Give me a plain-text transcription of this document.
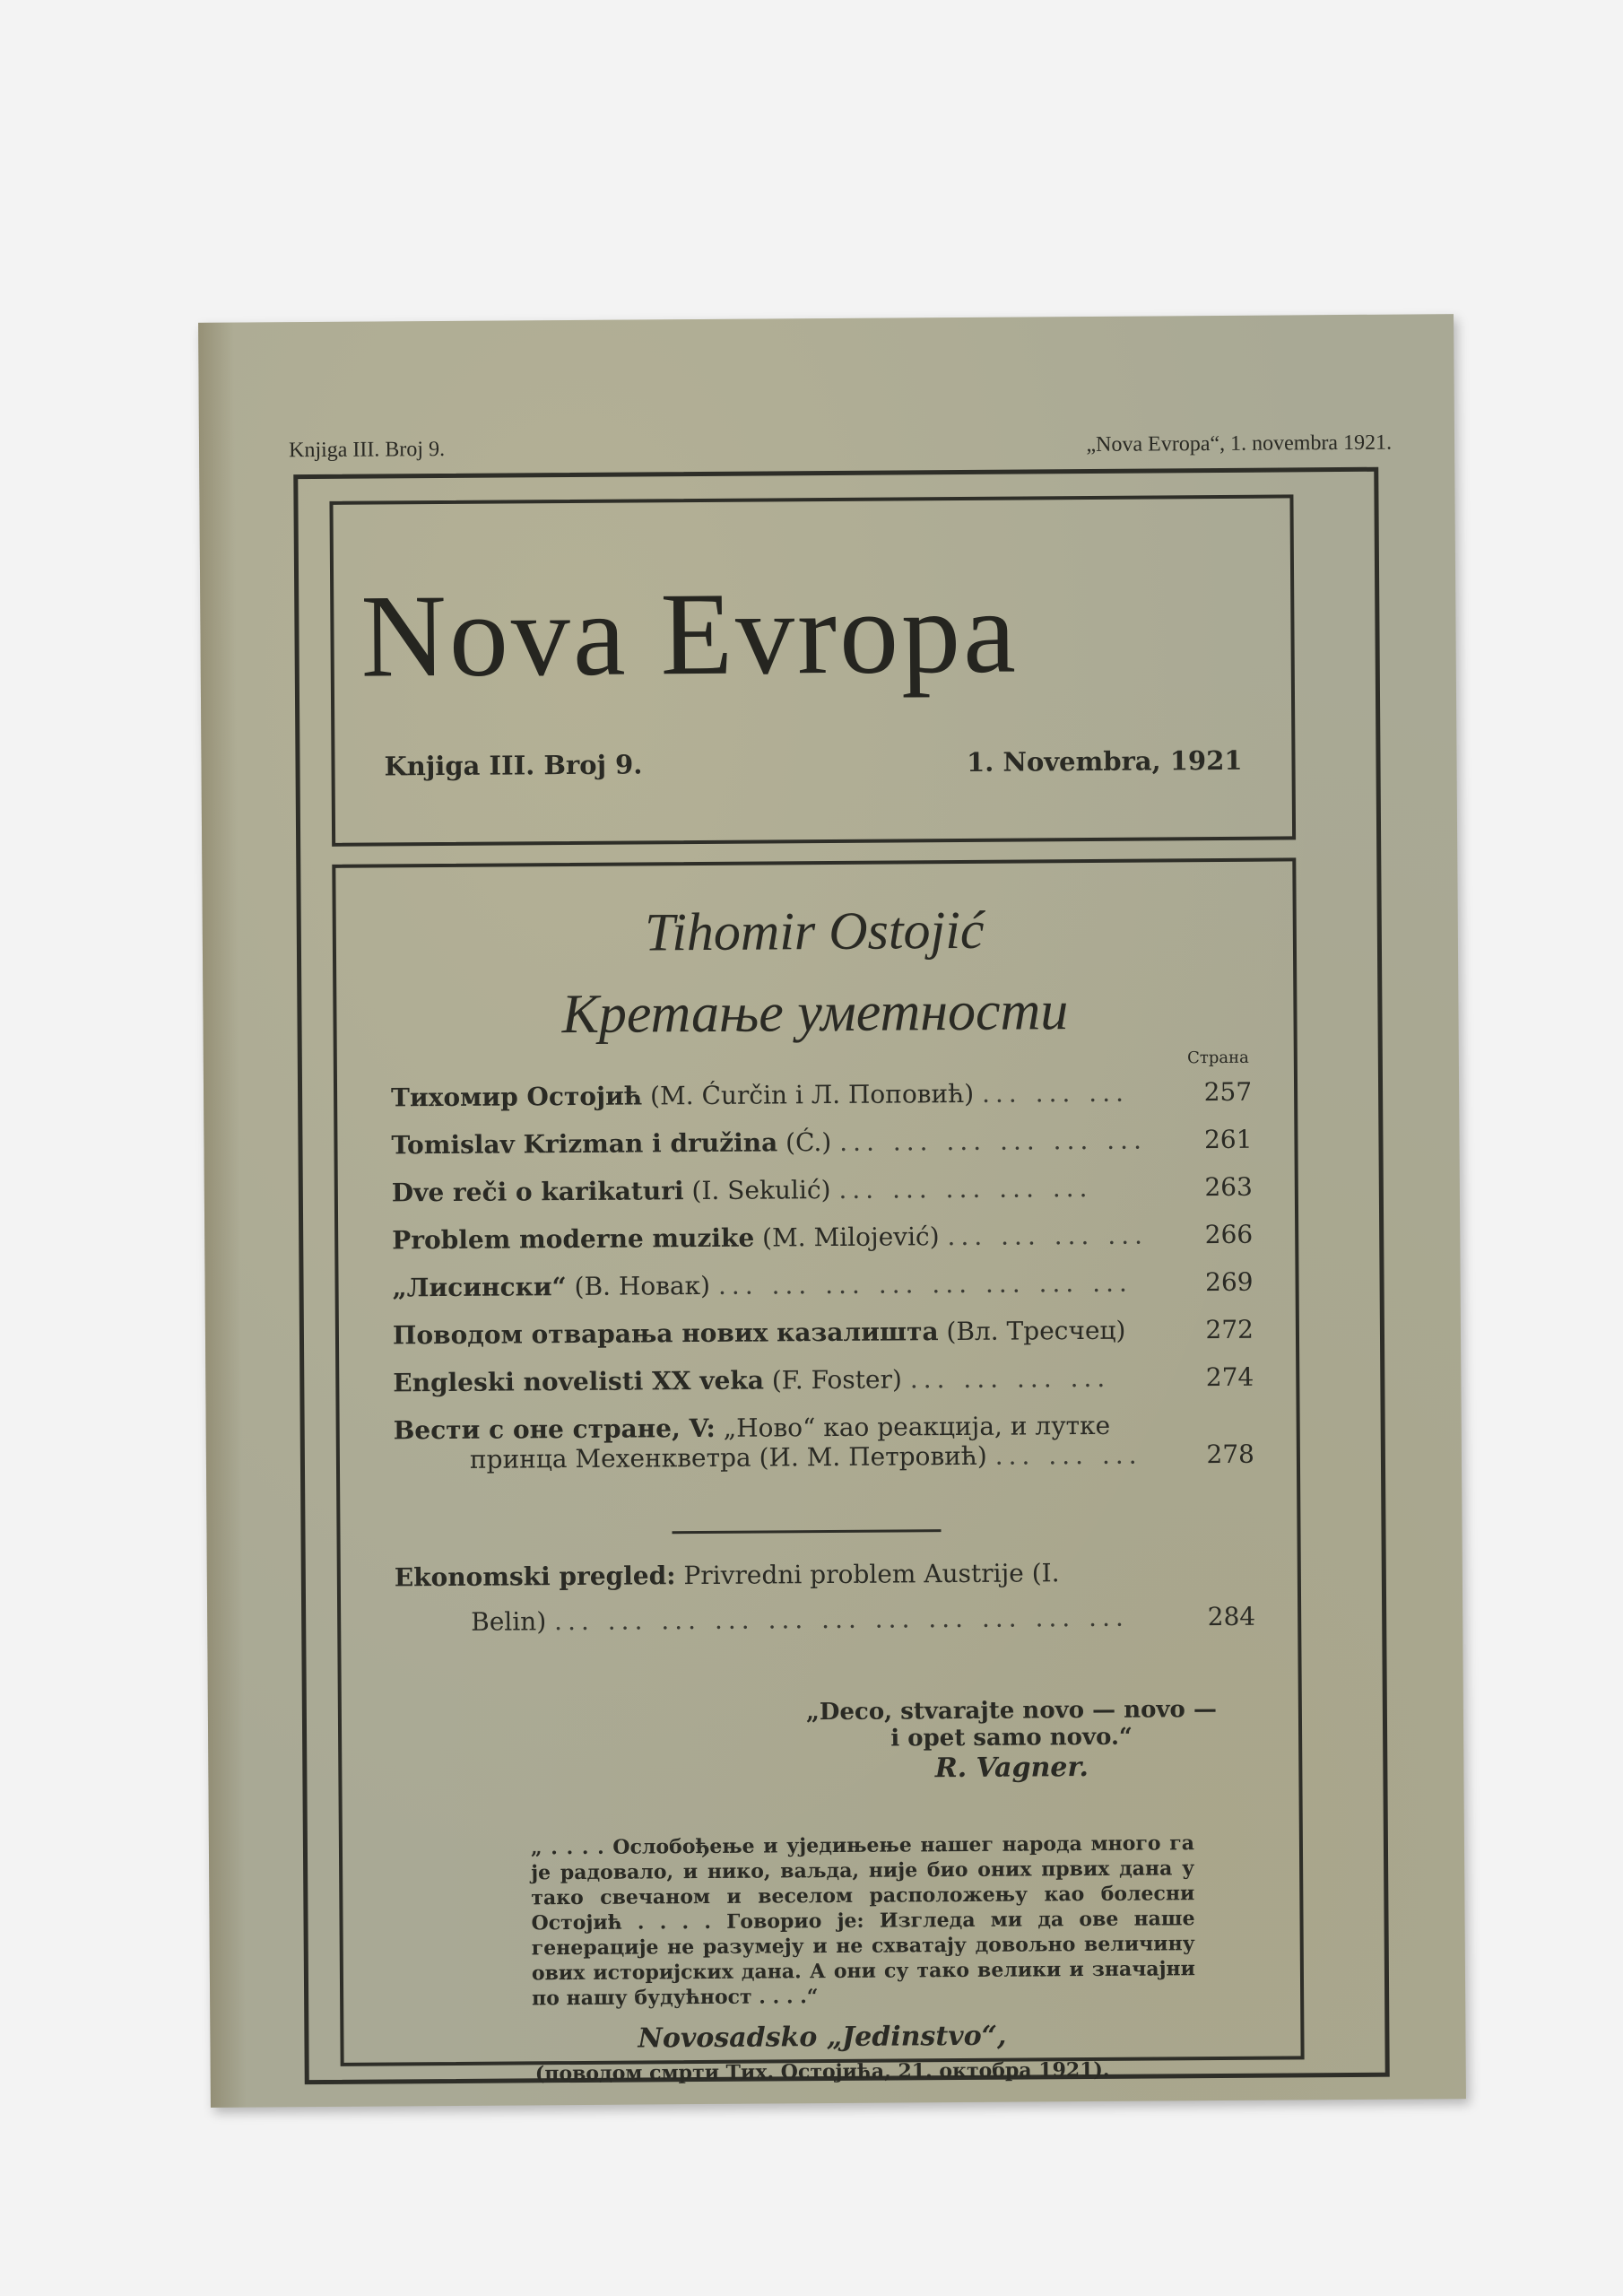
Knjiga III. Broj 9.	„Nova Evropa“, 1. novembra 1921.
Nova Evropa
Knjiga III. Broj 9.	1. Novembra, 1921

Tihomir Ostojić

Кретање уметности

Страна
Тихомир Остојић (M. Ćurčin i Л. Поповић) ... ... ...	257
Tomislav Krizman i družina (Ć.) ... ... ... ... ... ...	261
Dve reči o karikaturi (I. Sekulić) ... ... ... ... ...	263
Problem moderne muzike (M. Milojević) ... ... ... ...	266
„Лисински“ (В. Новак) ... ... ... ... ... ... ... ...	269
Поводом отварања нових казалишта (Вл. Тресчец)	272
Engleski novelisti XX veka (F. Foster) ... ... ... ...	274
Вести с оне стране, V: „Ново“ као реакција, и лутке
принца Мехенкветра (И. М. Петровић) ... ... ...	278
Ekonomski pregled: Privredni problem Austrije (I.
Belin) ... ... ... ... ... ... ... ... ... ... ...	284
„Deco, stvarajte novo — novo —
i opet samo novo.“
R. Vagner.
„ . . . . Ослобођење и уједињење нашег народа много га је радовало, и нико, ваљда, није био оних првих дана у тако свечаном и веселом расположењу као болесни Остојић . . . . Говорио је: Изгледа ми да ове наше генерације не разумеју и не схватају довољно величину ових историјских дана. А они су тако велики и значајни по нашу будућност . . . .“
Novosadsko „Jedinstvo“,
(поводом смрти Тих. Остојића, 21. октобра 1921).
